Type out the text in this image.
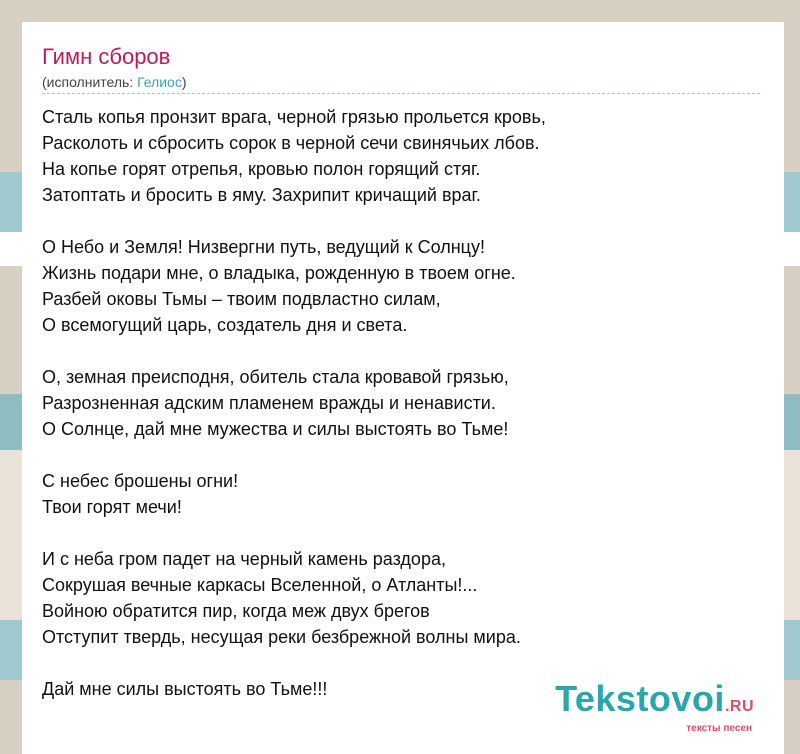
Гимн сборов
(исполнитель: Гелиос)
Сталь копья пронзит врага, черной грязью прольется кровь,
Расколоть и сбросить сорок в черной сечи свинячьих лбов.
На копье горят отрепья, кровью полон горящий стяг.
Затоптать и бросить в яму. Захрипит кричащий враг.
О Небо и Земля! Низвергни путь, ведущий к Солнцу!
Жизнь подари мне, о владыка, рожденную в твоем огне.
Разбей оковы Тьмы – твоим подвластно силам,
О всемогущий царь, создатель дня и света.
О, земная преисподня, обитель стала кровавой грязью,
Разрозненная адским пламенем вражды и ненависти.
О Солнце, дай мне мужества и силы выстоять во Тьме!
С небес брошены огни!
Твои горят мечи!
И с неба гром падет на черный камень раздора,
Сокрушая вечные каркасы Вселенной, о Атланты!...
Войною обратится пир, когда меж двух брегов
Отступит твердь, несущая реки безбрежной волны мира.
Дай мне силы выстоять во Тьме!!!	Tekstovoi.RU
тексты песен
